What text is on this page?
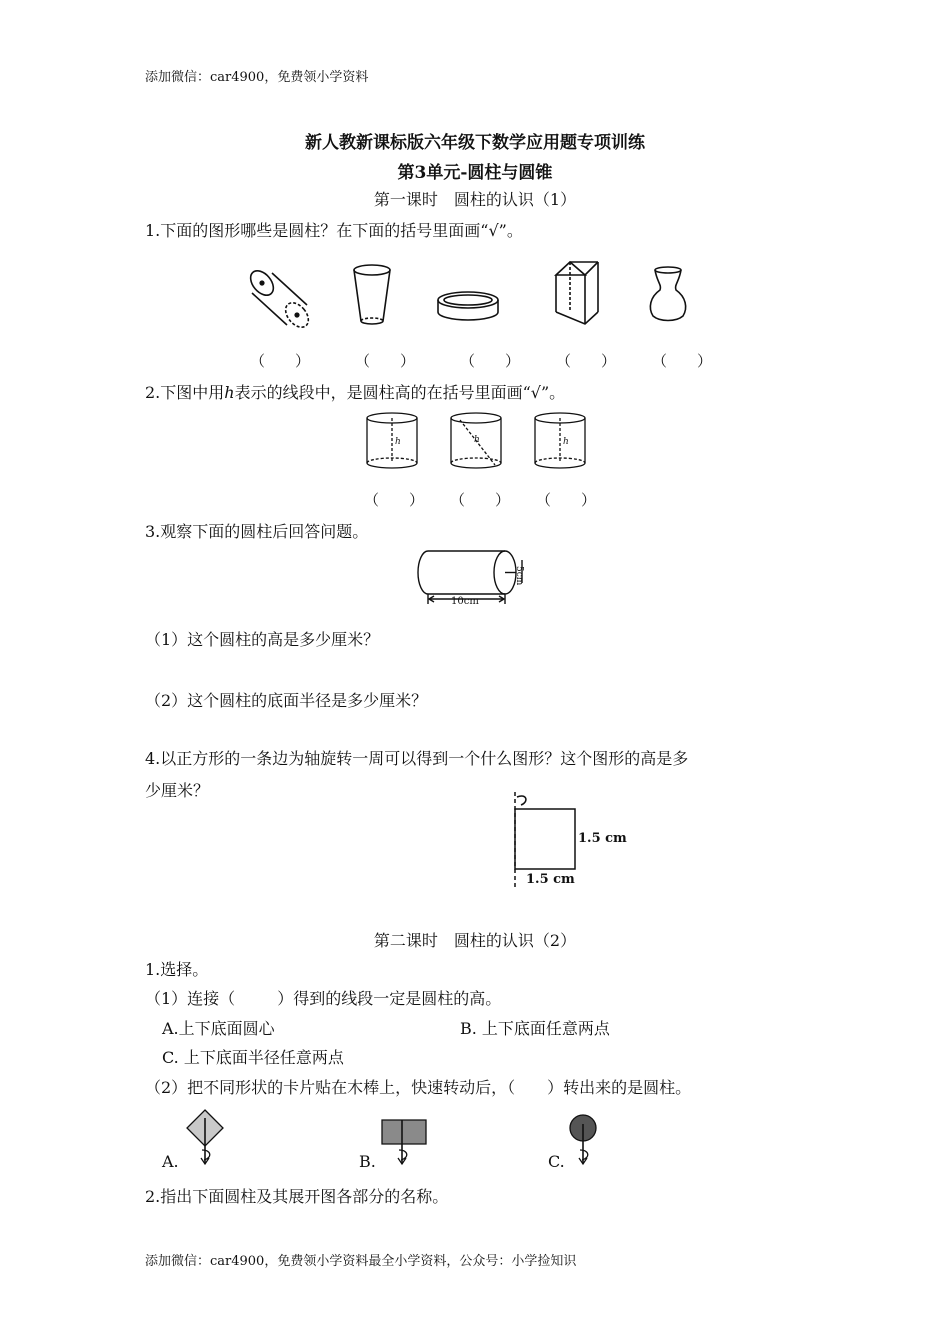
添加微信：car4900，免费领小学资料
新人教新课标版六年级下数学应用题专项训练
第3单元-圆柱与圆锥
第一课时　圆柱的认识（1）
1.下面的图形哪些是圆柱？在下面的括号里面画“√”。
（　　）	（　　）	（　　） （　　） （　　）
2.下图中用h表示的线段中，是圆柱高的在括号里面画“√”。
h	h	h
（　　） （　　） （　　）
3.观察下面的圆柱后回答问题。
10cm
5cm
（1）这个圆柱的高是多少厘米？
（2）这个圆柱的底面半径是多少厘米？
4.以正方形的一条边为轴旋转一周可以得到一个什么图形？这个图形的高是多
少厘米？
1.5 cm
1.5 cm
第二课时　圆柱的认识（2）
1.选择。
（1）连接（	）得到的线段一定是圆柱的高。
A.上下底面圆心	B. 上下底面任意两点
C. 上下底面半径任意两点
（2）把不同形状的卡片贴在木棒上，快速转动后，（　　）转出来的是圆柱。
A.	B.	C.
2.指出下面圆柱及其展开图各部分的名称。
添加微信：car4900，免费领小学资料最全小学资料，公众号：小学捡知识
